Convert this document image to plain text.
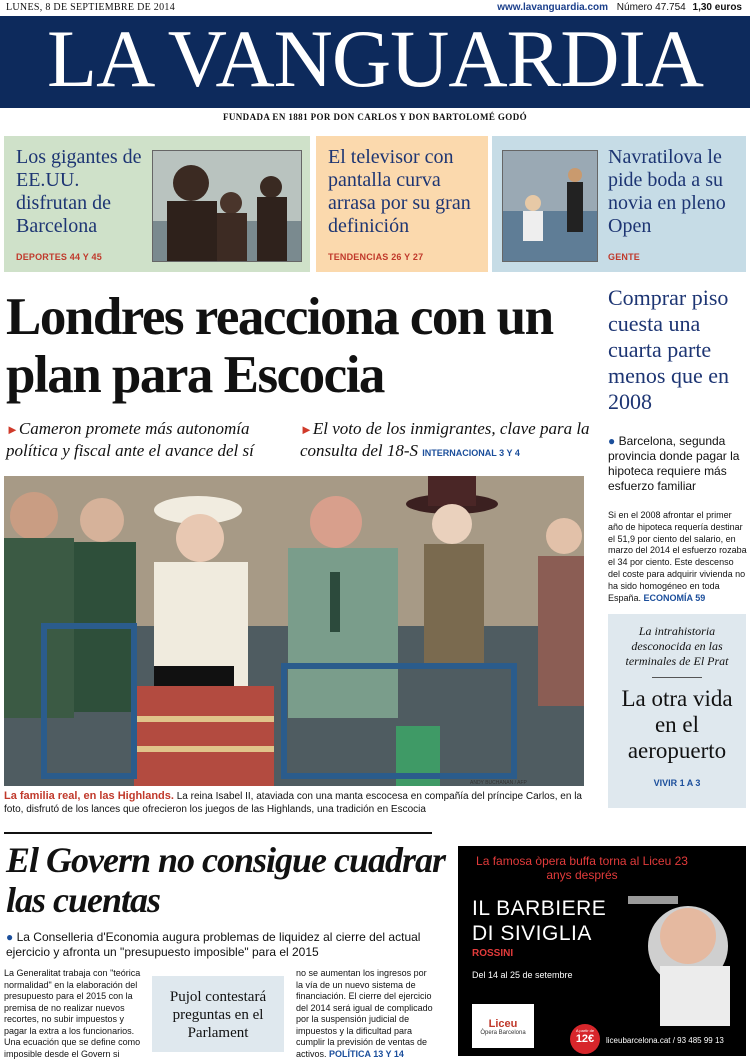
LUNES, 8 DE SEPTIEMBRE DE 2014	www.lavanguardia.com Número 47.754 1,30 euros
LA VANGUARDIA
FUNDADA EN 1881 POR DON CARLOS Y DON BARTOLOMÉ GODÓ
Los gigantes de EE.UU. disfrutan de Barcelona
DEPORTES 44 Y 45
El televisor con pantalla curva arrasa por su gran definición
TENDENCIAS 26 Y 27
Navratilova le pide boda a su novia en pleno Open
GENTE
Londres reacciona con un plan para Escocia
►Cameron promete más autonomía política y fiscal ante el avance del sí
►El voto de los inmigrantes, clave para la consulta del 18-S INTERNACIONAL 3 Y 4
ANDY BUCHANAN / AFP
La familia real, en las Highlands. La reina Isabel II, ataviada con una manta escocesa en compañía del príncipe Carlos, en la foto, disfrutó de los lances que ofrecieron los juegos de las Highlands, una tradición en Escocia
Comprar piso cuesta una cuarta parte menos que en 2008
● Barcelona, segunda provincia donde pagar la hipoteca requiere más esfuerzo familiar
Si en el 2008 afrontar el primer año de hipoteca requería destinar el 51,9 por ciento del salario, en marzo del 2014 el esfuerzo rozaba el 34 por ciento. Este descenso del coste para adquirir vivienda no ha sido homogéneo en toda España. ECONOMÍA 59
La intrahistoria desconocida en las terminales de El Prat
La otra vida en el aeropuerto
VIVIR 1 A 3
El Govern no consigue cuadrar las cuentas
● La Conselleria d'Economia augura problemas de liquidez al cierre del actual ejercicio y afronta un "presupuesto imposible" para el 2015
La Generalitat trabaja con "teórica normalidad" en la elaboración del presupuesto para el 2015 con la premisa de no realizar nuevos recortes, no subir impuestos y pagar la extra a los funcionarios. Una ecuación que se define como imposible desde el Govern si
Pujol contestará preguntas en el Parlament
no se aumentan los ingresos por la vía de un nuevo sistema de financiación. El cierre del ejercicio del 2014 será igual de complicado por la suspensión judicial de impuestos y la dificultad para cumplir la previsión de ventas de activos. POLÍTICA 13 Y 14
La famosa òpera buffa torna al Liceu 23 anys després
IL BARBIERE
DI SIVIGLIA
ROSSINI
Del 14 al 25 de setembre
Liceu
Òpera Barcelona	A partir de
12€	liceubarcelona.cat / 93 485 99 13
